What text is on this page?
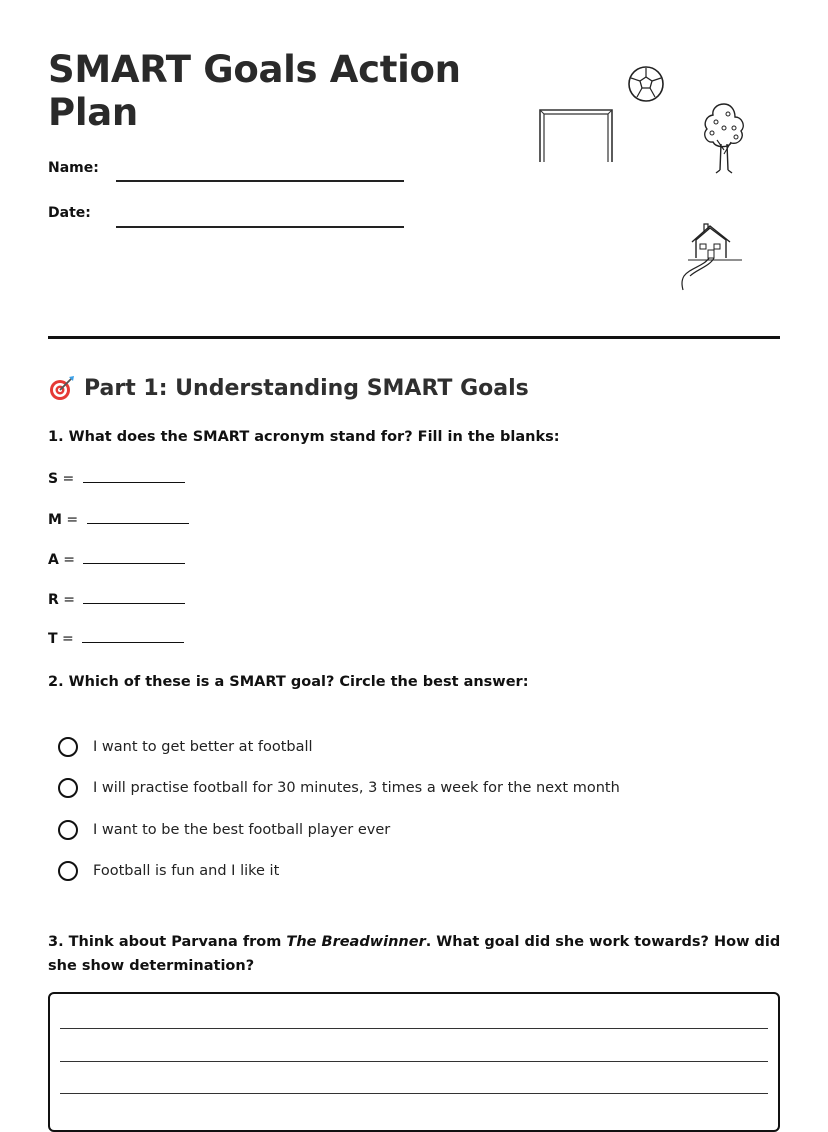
SMART Goals Action Plan
Name:
Date:
Part 1: Understanding SMART Goals

1. What does the SMART acronym stand for? Fill in the blanks:

S =
M =
A =
R =
T =

2. Which of these is a SMART goal? Circle the best answer:

I want to get better at football
I will practise football for 30 minutes, 3 times a week for the next month
I want to be the best football player ever
Football is fun and I like it

3. Think about Parvana from The Breadwinner. What goal did she work towards? How did she show determination?
